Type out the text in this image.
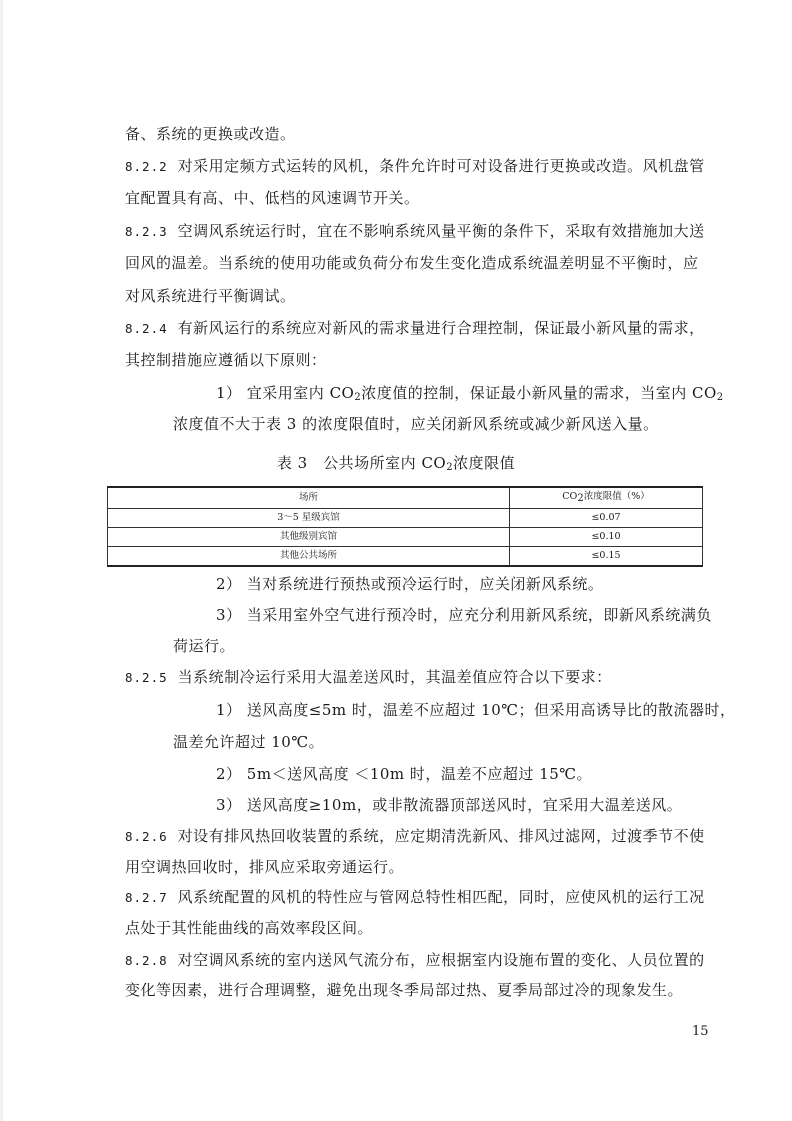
备、系统的更换或改造。
8.2.2 对采用定频方式运转的风机，条件允许时可对设备进行更换或改造。风机盘管
宜配置具有高、中、低档的风速调节开关。
8.2.3 空调风系统运行时，宜在不影响系统风量平衡的条件下，采取有效措施加大送
回风的温差。当系统的使用功能或负荷分布发生变化造成系统温差明显不平衡时，应
对风系统进行平衡调试。
8.2.4 有新风运行的系统应对新风的需求量进行合理控制，保证最小新风量的需求，
其控制措施应遵循以下原则：
1） 宜采用室内 $CO_2$浓度值的控制，保证最小新风量的需求，当室内 $CO_2$
浓度值不大于表 3 的浓度限值时，应关闭新风系统或减少新风送入量。
表 3　公共场所室内 $CO_2$浓度限值
场所	$CO_2$浓度限值（%）
3～5 星级宾馆	≤0.07
其他级别宾馆	≤0.10
其他公共场所	≤0.15
2） 当对系统进行预热或预冷运行时，应关闭新风系统。
3） 当采用室外空气进行预冷时，应充分利用新风系统，即新风系统满负
荷运行。
8.2.5 当系统制冷运行采用大温差送风时，其温差值应符合以下要求：
1） 送风高度≤5m 时，温差不应超过 10℃；但采用高诱导比的散流器时，
温差允许超过 10℃。
2） 5m＜送风高度 ＜10m 时，温差不应超过 15℃。
3） 送风高度≥10m，或非散流器顶部送风时，宜采用大温差送风。
8.2.6 对设有排风热回收装置的系统，应定期清洗新风、排风过滤网，过渡季节不使
用空调热回收时，排风应采取旁通运行。
8.2.7 风系统配置的风机的特性应与管网总特性相匹配，同时，应使风机的运行工况
点处于其性能曲线的高效率段区间。
8.2.8 对空调风系统的室内送风气流分布，应根据室内设施布置的变化、人员位置的
变化等因素，进行合理调整，避免出现冬季局部过热、夏季局部过冷的现象发生。
15
